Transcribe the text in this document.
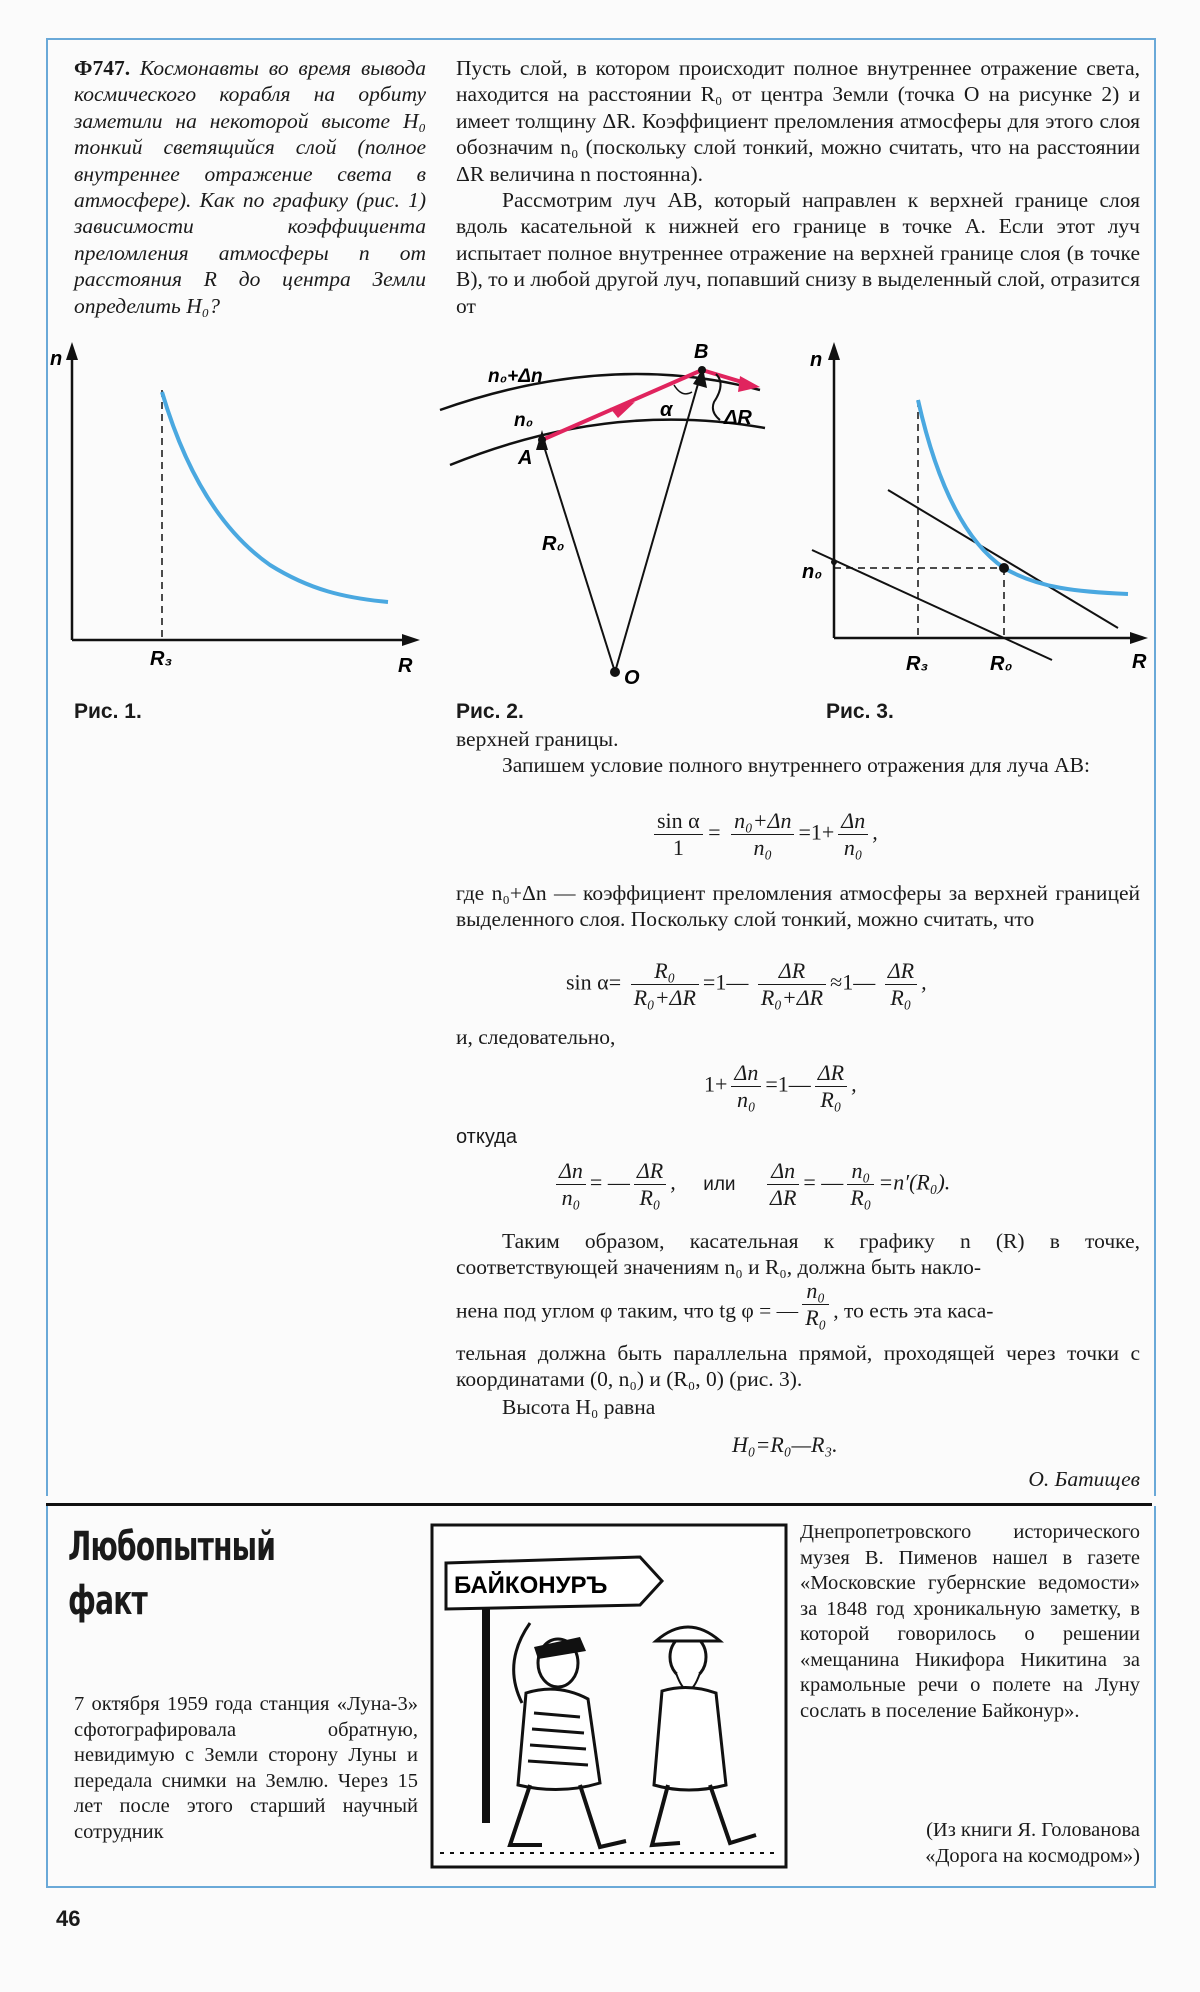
Ф747. Космонавты во время вывода космического корабля на орбиту заметили на некоторой высоте H₀ тонкий светящийся слой (полное внутреннее отражение света в атмосфере). Как по графику (рис. 1) зависимости коэффициента преломления атмосферы n от расстояния R до центра Земли определить H₀?

Пусть слой, в котором происходит полное внутреннее отражение света, находится на расстоянии R₀ от центра Земли (точка O на рисунке 2) и имеет толщину ΔR. Коэффициент преломления атмосферы для этого слоя обозначим n₀ (поскольку слой тонкий, можно считать, что на расстоянии ΔR величина n постоянна).

Рассмотрим луч AB, который направлен к верхней границе слоя вдоль касательной к нижней его границе в точке A. Если этот луч испытает полное внутреннее отражение на верхней границе слоя (в точке B), то и любой другой луч, попавший снизу в выделенный слой, отразится от

n
R
R₃
Рис. 1.
n₀+Δn
n₀
A
B
α	ΔR
R₀
O
Рис. 2.
n
R
n₀
R₃	R₀
Рис. 3.
верхней границы.
Запишем условие полного внутреннего отражения для луча AB:
$\frac{\text{sin α}}{1} = \frac{\text{n₀+Δn}}{\text{n₀}} =1+ \frac{\Delta n}{\text{n₀}}$ ,
где n₀+Δn — коэффициент преломления атмосферы за верхней границей выделенного слоя. Поскольку слой тонкий, можно считать, что
$\sin \alpha= \frac{\text{R₀}}{\text{R₀+ΔR}}$ =1— $\frac{\Delta R}{\text{R₀+ΔR}}$ ≈1— $\frac{\Delta R}{\text{R₀}}$ ,
и, следовательно,
$1+ \frac{\Delta n}{\text{n₀}}$ =1— $\frac{\Delta R}{\text{R₀}}$ ,
откуда
$\frac{\Delta n}{\text{n₀}}$ = — $\frac{\Delta R}{\text{R₀}}$ , или $\frac{\Delta n}{\Delta R}$ = — $\frac{\text{n₀}}{\text{R₀}} =n'(R_0)$.
Таким образом, касательная к графику n (R) в точке, соответствующей значениям n₀ и R₀, должна быть накло-
нена под углом φ таким, что tg φ = — $\frac{\text{n₀}}{\text{R₀}}$ , то есть эта каса-
тельная должна быть параллельна прямой, проходящей через точки с координатами (0, n₀) и (R₀, 0) (рис. 3).
Высота H₀ равна
H₀=R₀—R₃.
О. Батищев
Любопытный
факт
7 октября 1959 года станция «Луна-3» сфотографировала обратную, невидимую с Земли сторону Луны и передала снимки на Землю. Через 15 лет после этого старший научный сотрудник
БАЙКОНУРЪ
Днепропетровского исторического музея В. Пименов нашел в газете «Московские губернские ведомости» за 1848 год хроникальную заметку, в которой говорилось о решении «мещанина Никифора Никитина за крамольные речи о полете на Луну сослать в поселение Байконур».
(Из книги Я. Голованова
«Дорога на космодром»)
46
